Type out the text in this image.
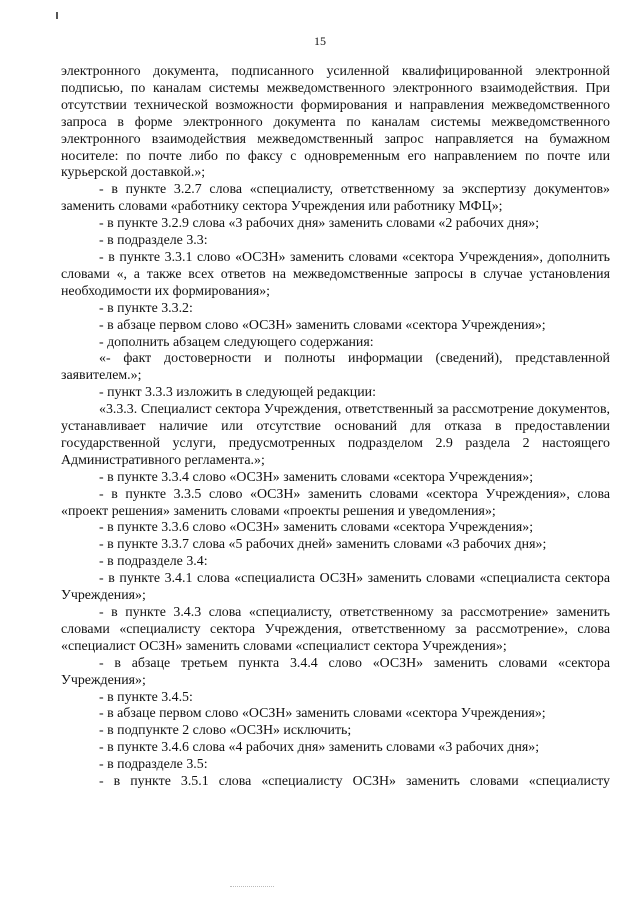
15

электронного документа, подписанного усиленной квалифицированной электронной подписью, по каналам системы межведомственного электронного взаимодействия. При отсутствии технической возможности формирования и направления межведомственного запроса в форме электронного документа по каналам системы межведомственного электронного взаимодействия межведомственный запрос направляется на бумажном носителе: по почте либо по факсу с одновременным его направлением по почте или курьерской доставкой.»;

- в пункте 3.2.7 слова «специалисту, ответственному за экспертизу документов» заменить словами «работнику сектора Учреждения или работнику МФЦ»;

- в пункте 3.2.9 слова «3 рабочих дня» заменить словами «2 рабочих дня»;

- в подразделе 3.3:

- в пункте 3.3.1 слово «ОСЗН» заменить словами «сектора Учреждения», дополнить словами «, а также всех ответов на межведомственные запросы в случае установления необходимости их формирования»;

- в пункте 3.3.2:

- в абзаце первом слово «ОСЗН» заменить словами «сектора Учреждения»;

- дополнить абзацем следующего содержания:

«- факт достоверности и полноты информации (сведений), представленной заявителем.»;

- пункт 3.3.3 изложить в следующей редакции:

«3.3.3. Специалист сектора Учреждения, ответственный за рассмотрение документов, устанавливает наличие или отсутствие оснований для отказа в предоставлении государственной услуги, предусмотренных подразделом 2.9 раздела 2 настоящего Административного регламента.»;

- в пункте 3.3.4 слово «ОСЗН» заменить словами «сектора Учреждения»;

- в пункте 3.3.5 слово «ОСЗН» заменить словами «сектора Учреждения», слова «проект решения» заменить словами «проекты решения и уведомления»;

- в пункте 3.3.6 слово «ОСЗН» заменить словами «сектора Учреждения»;

- в пункте 3.3.7 слова «5 рабочих дней» заменить словами «3 рабочих дня»;

- в подразделе 3.4:

- в пункте 3.4.1 слова «специалиста ОСЗН» заменить словами «специалиста сектора Учреждения»;

- в пункте 3.4.3 слова «специалисту, ответственному за рассмотрение» заменить словами «специалисту сектора Учреждения, ответственному за рассмотрение», слова «специалист ОСЗН» заменить словами «специалист сектора Учреждения»;

- в абзаце третьем пункта 3.4.4 слово «ОСЗН» заменить словами «сектора Учреждения»;

- в пункте 3.4.5:

- в абзаце первом слово «ОСЗН» заменить словами «сектора Учреждения»;

- в подпункте 2 слово «ОСЗН» исключить;

- в пункте 3.4.6 слова «4 рабочих дня» заменить словами «3 рабочих дня»;

- в подразделе 3.5:

- в пункте 3.5.1 слова «специалисту ОСЗН» заменить словами «специалисту
